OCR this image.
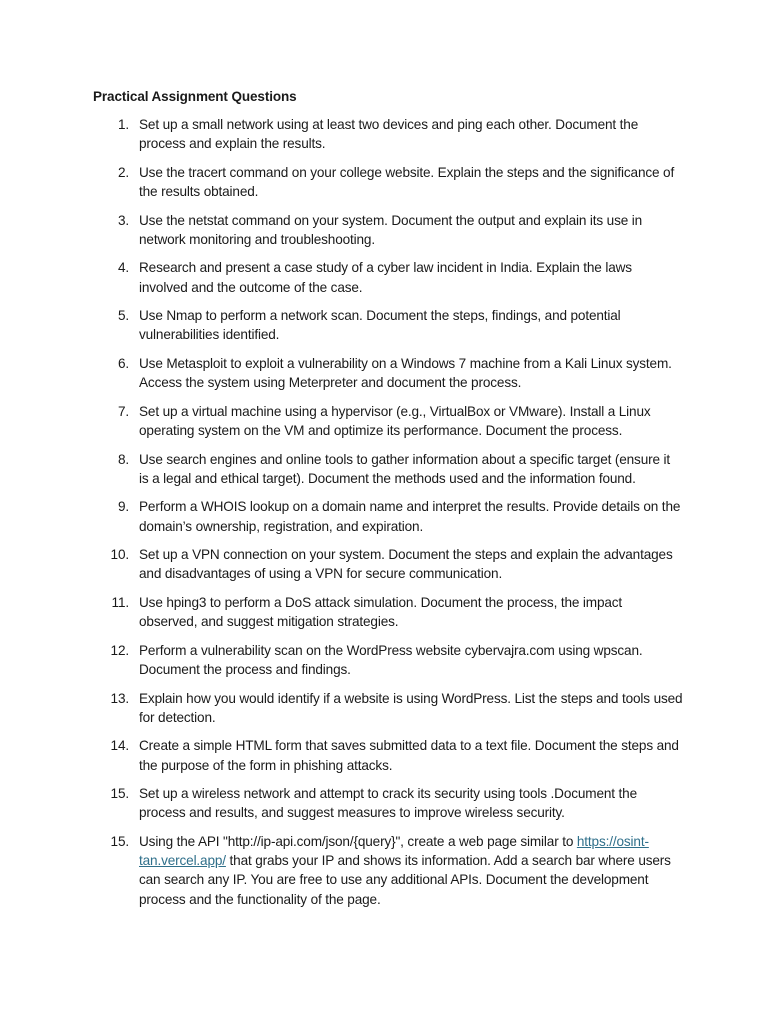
Practical Assignment Questions
1. Set up a small network using at least two devices and ping each other. Document the process and explain the results.
2. Use the tracert command on your college website. Explain the steps and the significance of the results obtained.
3. Use the netstat command on your system. Document the output and explain its use in network monitoring and troubleshooting.
4. Research and present a case study of a cyber law incident in India. Explain the laws involved and the outcome of the case.
5. Use Nmap to perform a network scan. Document the steps, findings, and potential vulnerabilities identified.
6. Use Metasploit to exploit a vulnerability on a Windows 7 machine from a Kali Linux system. Access the system using Meterpreter and document the process.
7. Set up a virtual machine using a hypervisor (e.g., VirtualBox or VMware). Install a Linux operating system on the VM and optimize its performance. Document the process.
8. Use search engines and online tools to gather information about a specific target (ensure it is a legal and ethical target). Document the methods used and the information found.
9. Perform a WHOIS lookup on a domain name and interpret the results. Provide details on the domain’s ownership, registration, and expiration.
10. Set up a VPN connection on your system. Document the steps and explain the advantages and disadvantages of using a VPN for secure communication.
11. Use hping3 to perform a DoS attack simulation. Document the process, the impact observed, and suggest mitigation strategies.
12. Perform a vulnerability scan on the WordPress website cybervajra.com using wpscan. Document the process and findings.
13. Explain how you would identify if a website is using WordPress. List the steps and tools used for detection.
14. Create a simple HTML form that saves submitted data to a text file. Document the steps and the purpose of the form in phishing attacks.
15. Set up a wireless network and attempt to crack its security using tools .Document the process and results, and suggest measures to improve wireless security.
15. Using the API "http://ip-api.com/json/{query}", create a web page similar to https://osint-tan.vercel.app/ that grabs your IP and shows its information. Add a search bar where users can search any IP. You are free to use any additional APIs. Document the development process and the functionality of the page.
